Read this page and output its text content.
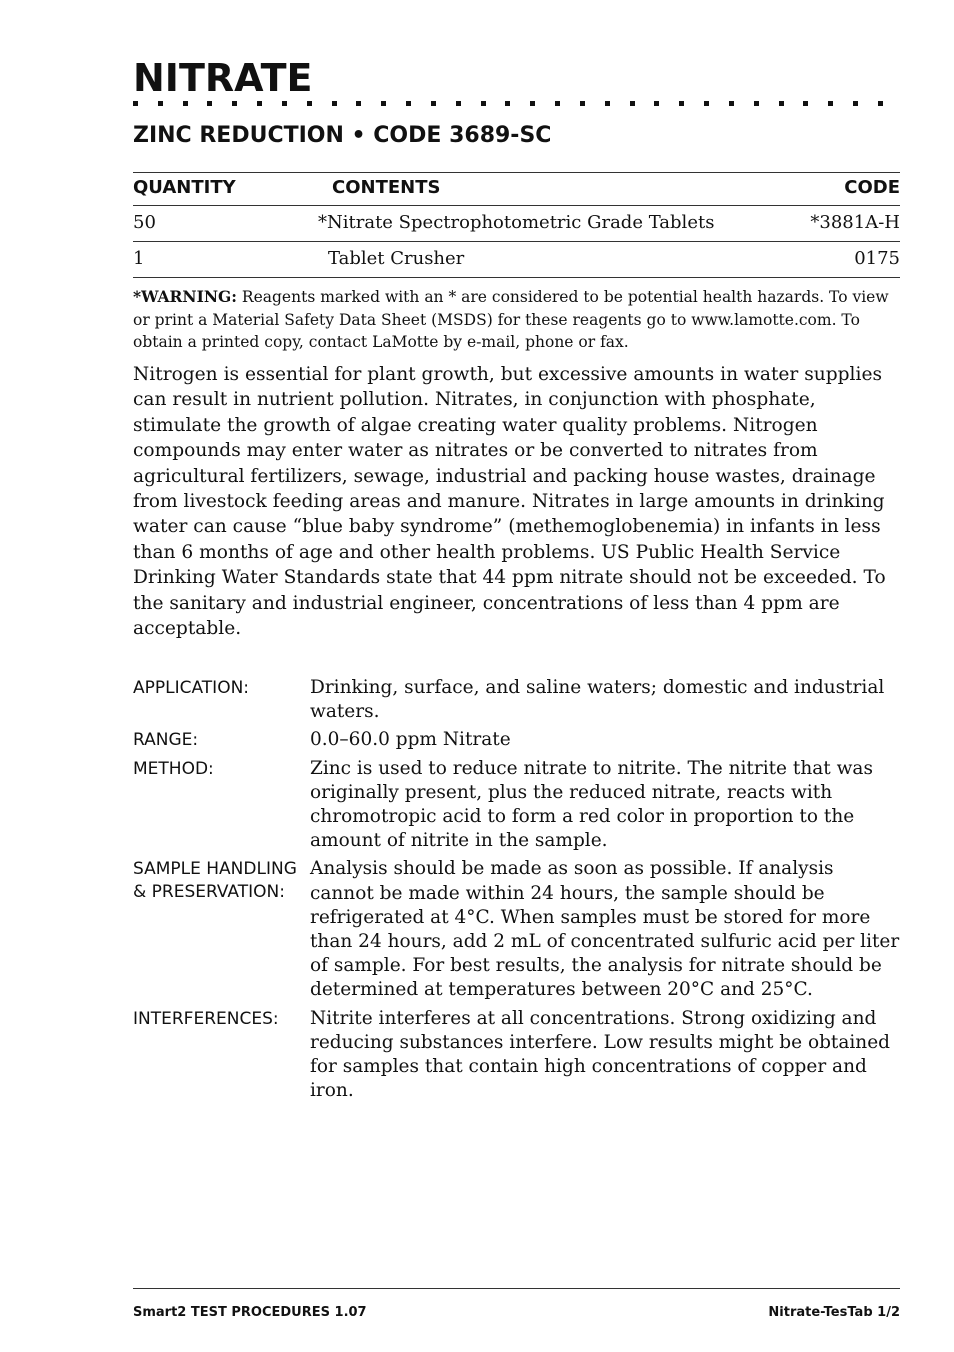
NITRATE
ZINC REDUCTION • CODE 3689-SC
QUANTITY	CONTENTS	CODE
50	*Nitrate Spectrophotometric Grade Tablets	*3881A-H
1	Tablet Crusher	0175
*WARNING: Reagents marked with an * are considered to be potential health hazards. To view or print a Material Safety Data Sheet (MSDS) for these reagents go to www.lamotte.com. To obtain a printed copy, contact LaMotte by e-mail, phone or fax.
Nitrogen is essential for plant growth, but excessive amounts in water supplies can result in nutrient pollution. Nitrates, in conjunction with phosphate, stimulate the growth of algae creating water quality problems. Nitrogen compounds may enter water as nitrates or be converted to nitrates from agricultural fertilizers, sewage, industrial and packing house wastes, drainage from livestock feeding areas and manure. Nitrates in large amounts in drinking water can cause “blue baby syndrome” (methemoglobenemia) in infants in less than 6 months of age and other health problems. US Public Health Service Drinking Water Standards state that 44 ppm nitrate should not be exceeded. To the sanitary and industrial engineer, concentrations of less than 4 ppm are acceptable.
APPLICATION:	Drinking, surface, and saline waters; domestic and industrial waters.
RANGE:	0.0–60.0 ppm Nitrate
METHOD:	Zinc is used to reduce nitrate to nitrite. The nitrite that was originally present, plus the reduced nitrate, reacts with chromotropic acid to form a red color in proportion to the amount of nitrite in the sample.
SAMPLE HANDLING & PRESERVATION:
Analysis should be made as soon as possible. If analysis cannot be made within 24 hours, the sample should be refrigerated at 4°C. When samples must be stored for more than 24 hours, add 2 mL of concentrated sulfuric acid per liter of sample. For best results, the analysis for nitrate should be determined at temperatures between 20°C and 25°C.
INTERFERENCES:	Nitrite interferes at all concentrations. Strong oxidizing and reducing substances interfere. Low results might be obtained for samples that contain high concentrations of copper and iron.
Smart2 TEST PROCEDURES 1.07	Nitrate-TesTab 1/2
